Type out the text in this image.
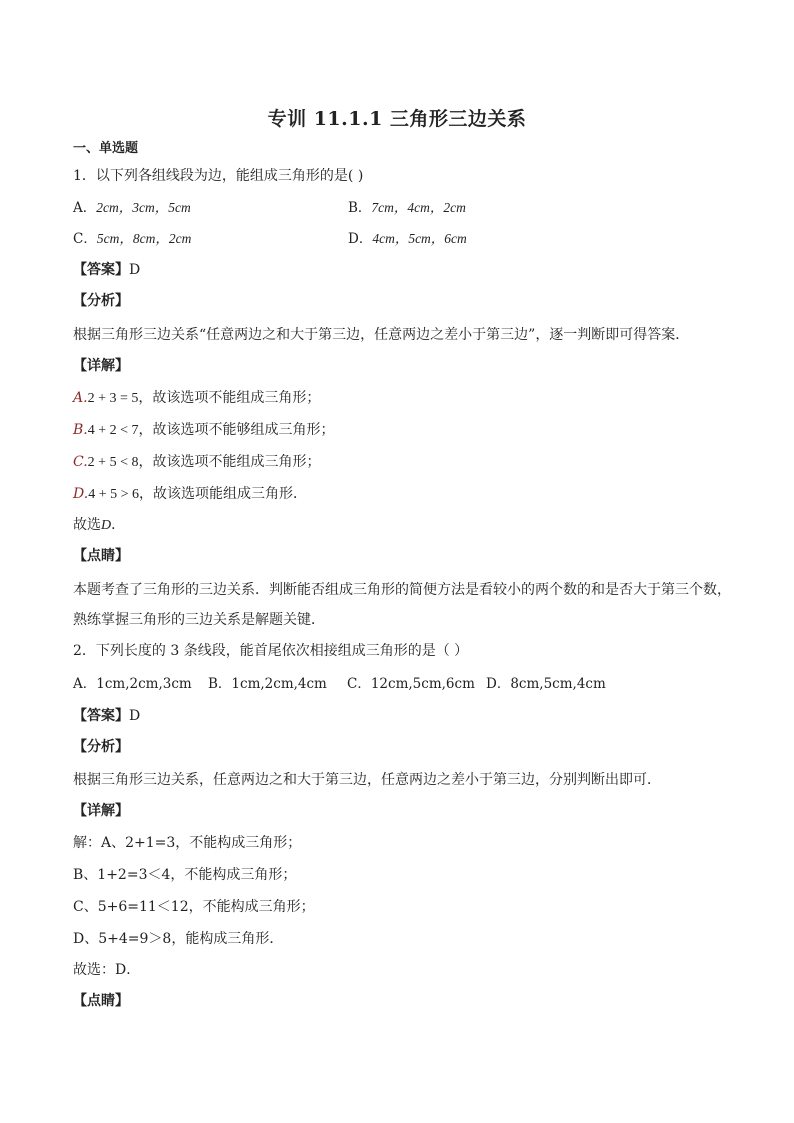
专训 11.1.1 三角形三边关系
一、单选题
1．以下列各组线段为边，能组成三角形的是( )
A．2cm，3cm，5cm	B．7cm，4cm，2cm
C．5cm，8cm，2cm	D．4cm，5cm，6cm
【答案】D
【分析】
根据三角形三边关系“任意两边之和大于第三边，任意两边之差小于第三边”，逐一判断即可得答案．
【详解】
A.2 + 3 = 5，故该选项不能组成三角形；
B.4 + 2 < 7，故该选项不能够组成三角形；
C.2 + 5 < 8，故该选项不能组成三角形；
D.4 + 5 > 6，故该选项能组成三角形．
故选D．
【点睛】
本题考查了三角形的三边关系．判断能否组成三角形的简便方法是看较小的两个数的和是否大于第三个数，
熟练掌握三角形的三边关系是解题关键．
2．下列长度的 3 条线段，能首尾依次相接组成三角形的是（ ）
A．1cm,2cm,3cm B．1cm,2cm,4cm C．12cm,5cm,6cm D．8cm,5cm,4cm
【答案】D
【分析】
根据三角形三边关系，任意两边之和大于第三边，任意两边之差小于第三边，分别判断出即可．
【详解】
解：A、2+1=3，不能构成三角形；
B、1+2=3＜4，不能构成三角形；
C、5+6=11＜12，不能构成三角形；
D、5+4=9＞8，能构成三角形．
故选：D．
【点睛】
